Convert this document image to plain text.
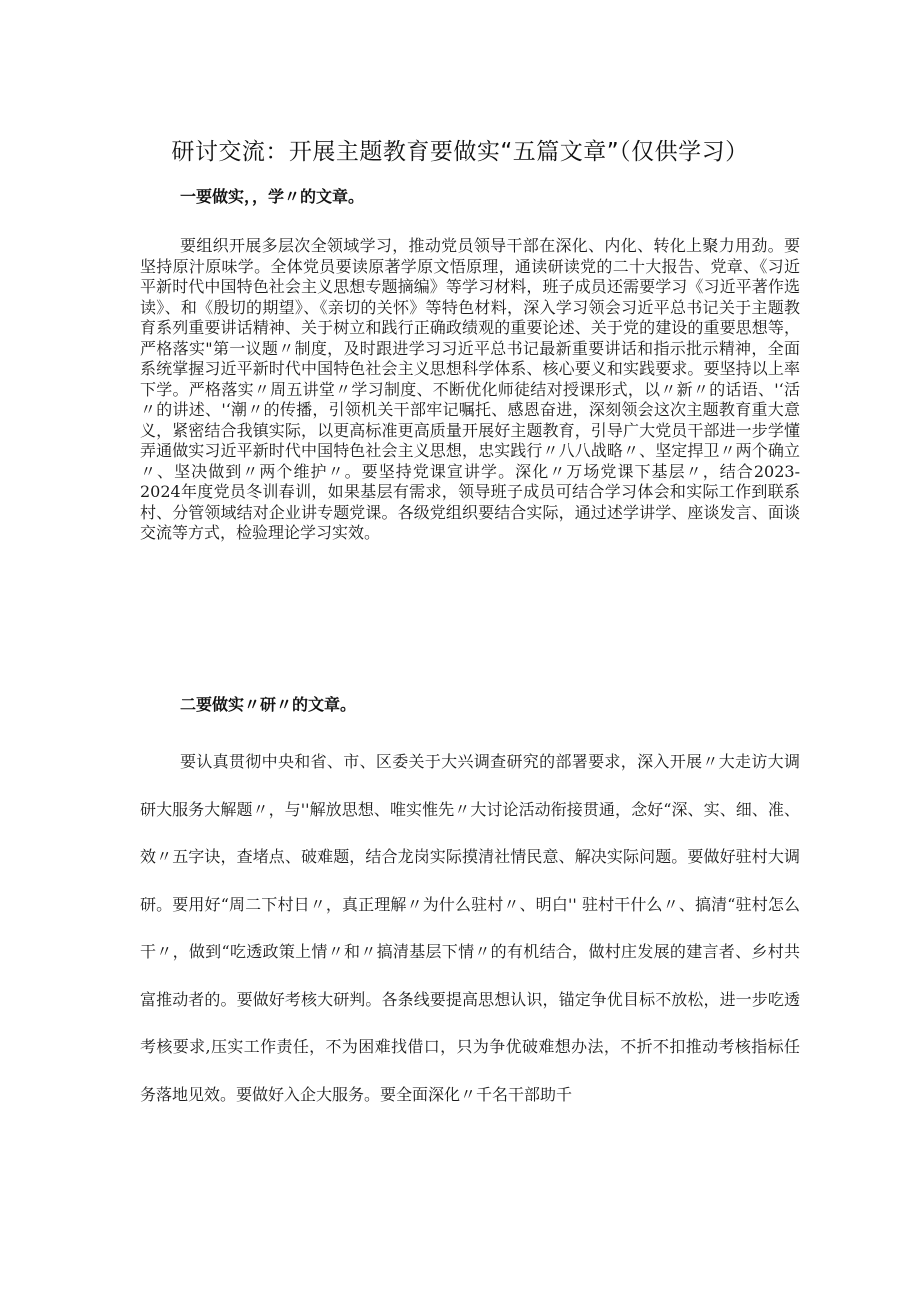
研讨交流：开展主题教育要做实“五篇文章”（仅供学习）
一要做实，，学〃的文章。

要组织开展多层次全领域学习，推动党员领导干部在深化、内化、转化上聚力用劲。要坚持原汁原味学。全体党员要读原著学原文悟原理，通读研读党的二十大报告、党章、《习近平新时代中国特色社会主义思想专题摘编》等学习材料，班子成员还需要学习《习近平著作选读》、和《殷切的期望》、《亲切的关怀》等特色材料，深入学习领会习近平总书记关于主题教育系列重要讲话精神、关于树立和践行正确政绩观的重要论述、关于党的建设的重要思想等，严格落实"第一议题〃制度，及时跟进学习习近平总书记最新重要讲话和指示批示精神，全面系统掌握习近平新时代中国特色社会主义思想科学体系、核心要义和实践要求。要坚持以上率下学。严格落实〃周五讲堂〃学习制度、不断优化师徒结对授课形式，以〃新〃的话语、'‘活〃的讲述、'‘潮〃的传播，引领机关干部牢记嘱托、感恩奋进，深刻领会这次主题教育重大意义，紧密结合我镇实际，以更高标准更高质量开展好主题教育，引导广大党员干部进一步学懂弄通做实习近平新时代中国特色社会主义思想，忠实践行〃八八战略〃、坚定捍卫〃两个确立〃、坚决做到〃两个维护〃。要坚持党课宣讲学。深化〃万场党课下基层〃，结合2023-2024年度党员冬训春训，如果基层有需求，领导班子成员可结合学习体会和实际工作到联系村、分管领域结对企业讲专题党课。各级党组织要结合实际，通过述学讲学、座谈发言、面谈交流等方式，检验理论学习实效。

二要做实〃研〃的文章。

要认真贯彻中央和省、市、区委关于大兴调查研究的部署要求，深入开展〃大走访大调研大服务大解题〃，与''解放思想、唯实惟先〃大讨论活动衔接贯通，念好“深、实、细、准、效〃五字诀，查堵点、破难题，结合龙岗实际摸清社情民意、解决实际问题。要做好驻村大调研。要用好“周二下村日〃，真正理解〃为什么驻村〃、明白'' 驻村干什么〃、搞清“驻村怎么干〃，做到“吃透政策上情〃和〃搞清基层下情〃的有机结合，做村庄发展的建言者、乡村共富推动者的。要做好考核大研判。各条线要提高思想认识，锚定争优目标不放松，进一步吃透考核要求,压实工作责任，不为困难找借口，只为争优破难想办法，不折不扣推动考核指标任务落地见效。要做好入企大服务。要全面深化〃千名干部助千
